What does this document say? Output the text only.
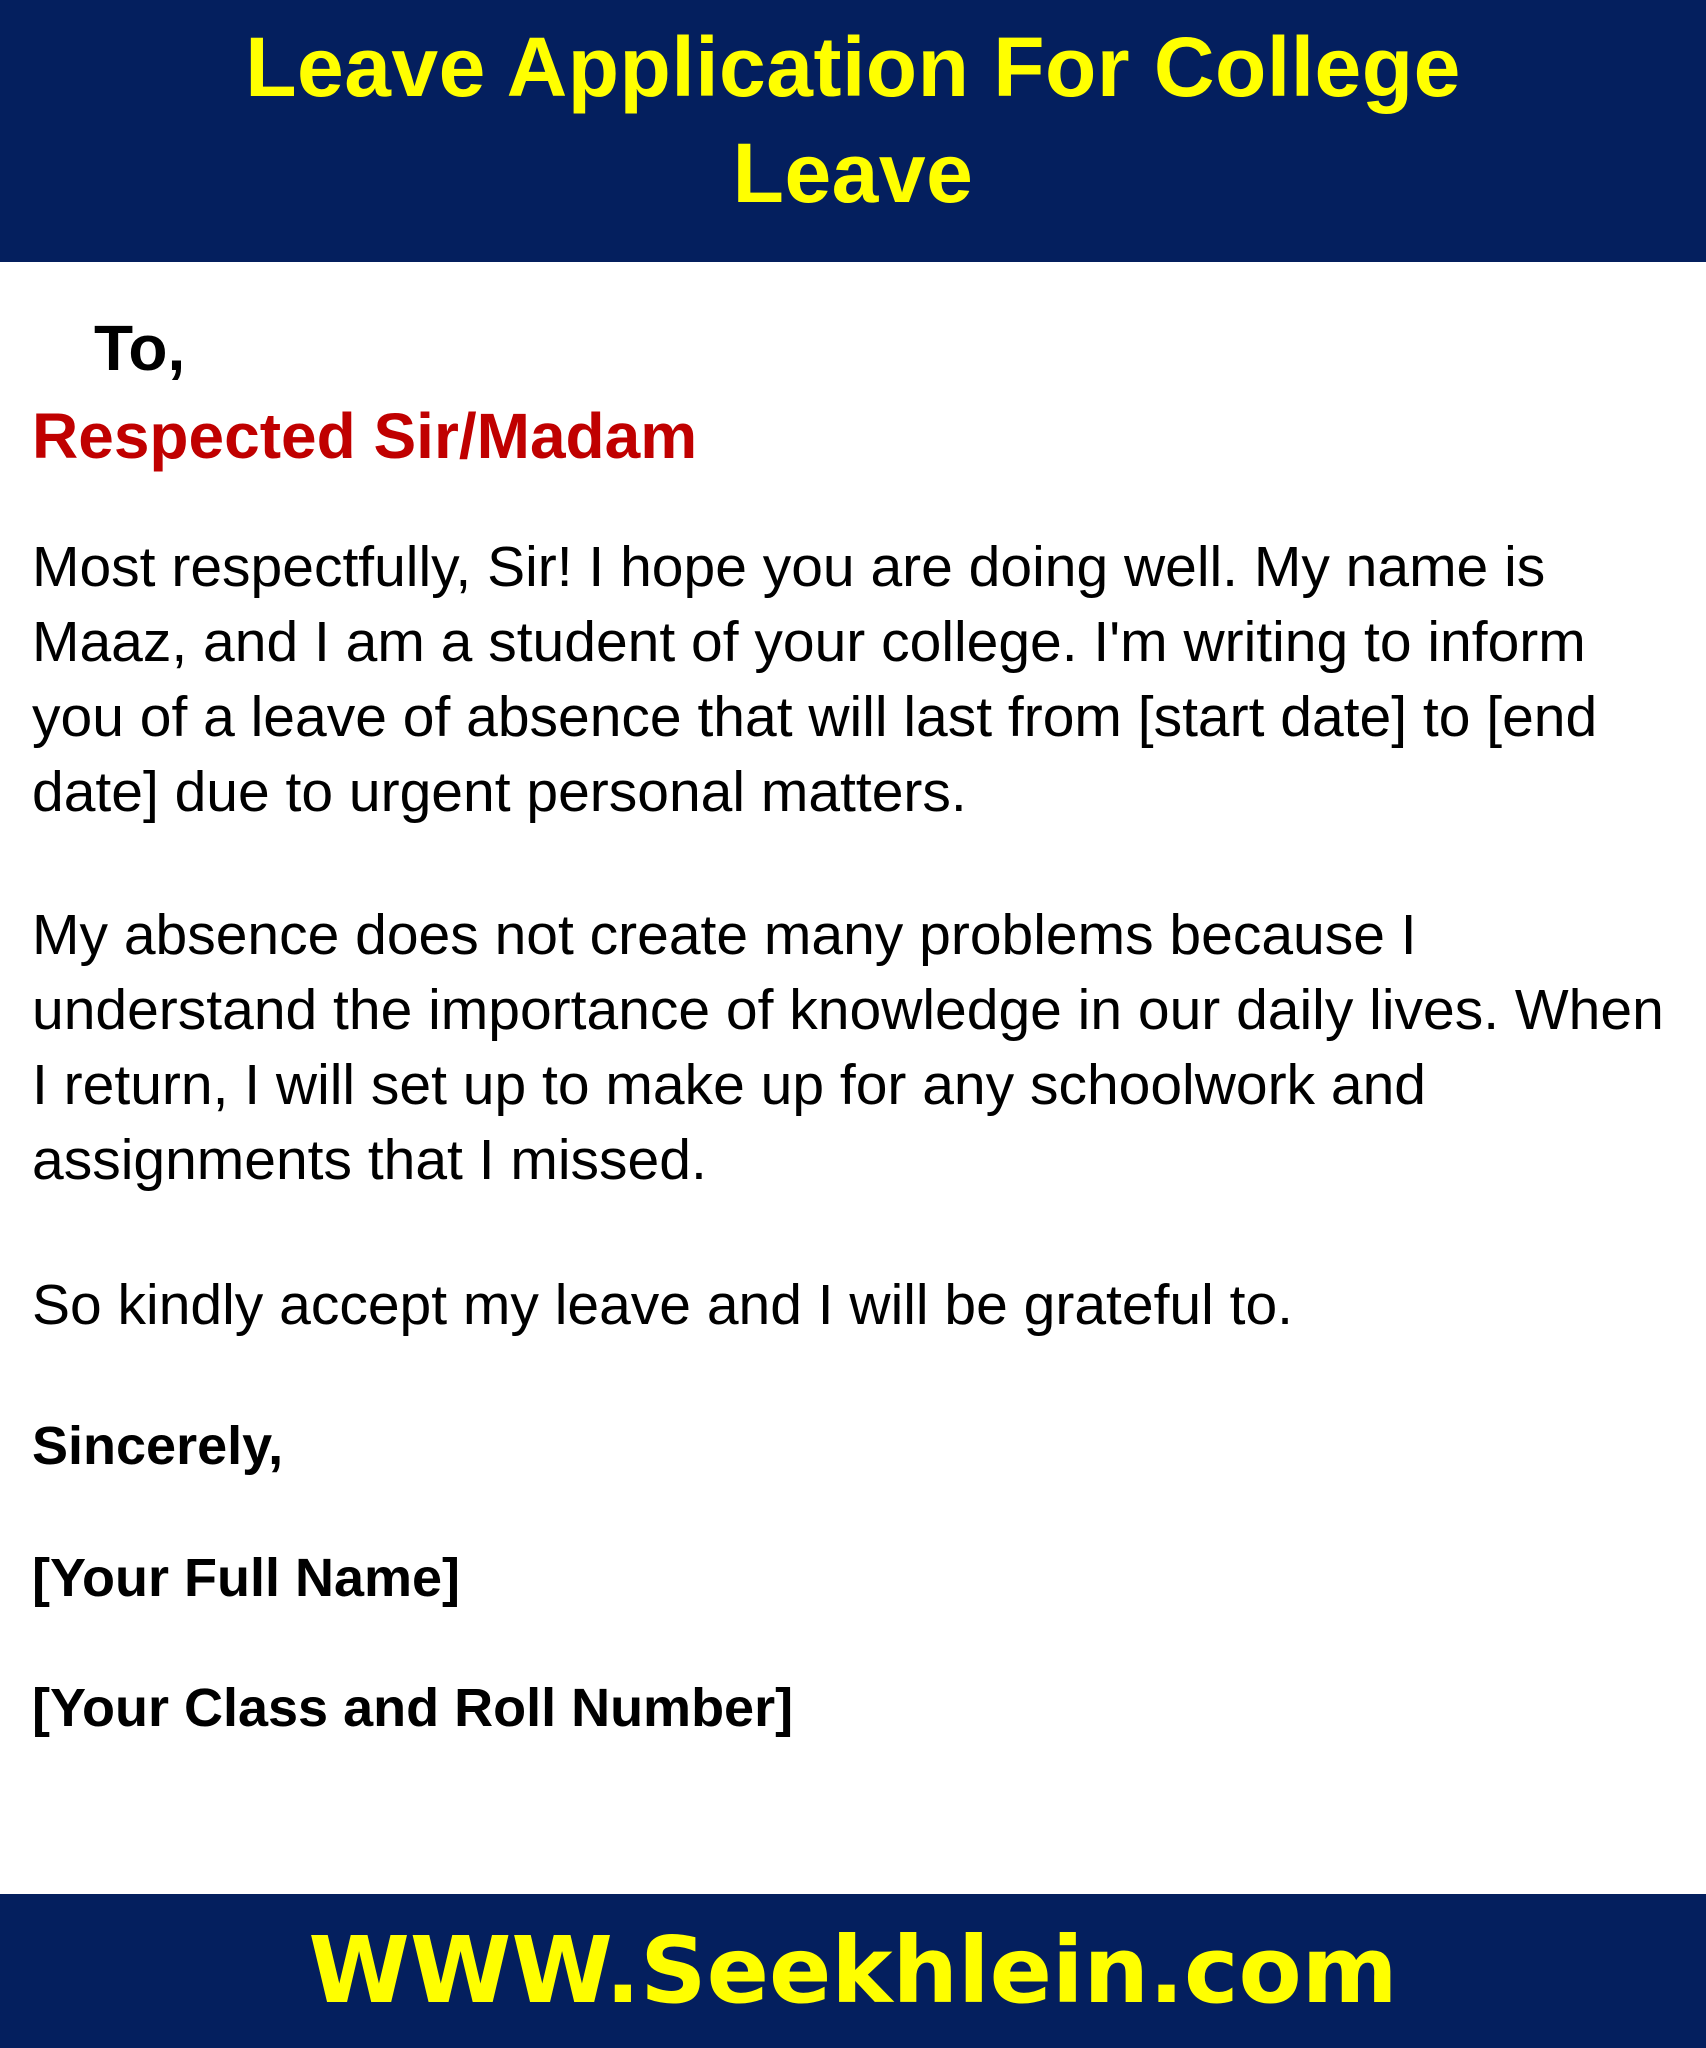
Leave Application For College
Leave

To,

Respected Sir/Madam

Most respectfully, Sir! I hope you are doing well. My name is Maaz, and I am a student of your college. I'm writing to inform you of a leave of absence that will last from [start date] to [end date] due to urgent personal matters.

My absence does not create many problems because I understand the importance of knowledge in our daily lives. When I return, I will set up to make up for any schoolwork and assignments that I missed.

So kindly accept my leave and I will be grateful to.

Sincerely,

[Your Full Name]

[Your Class and Roll Number]

WWW.Seekhlein.com
